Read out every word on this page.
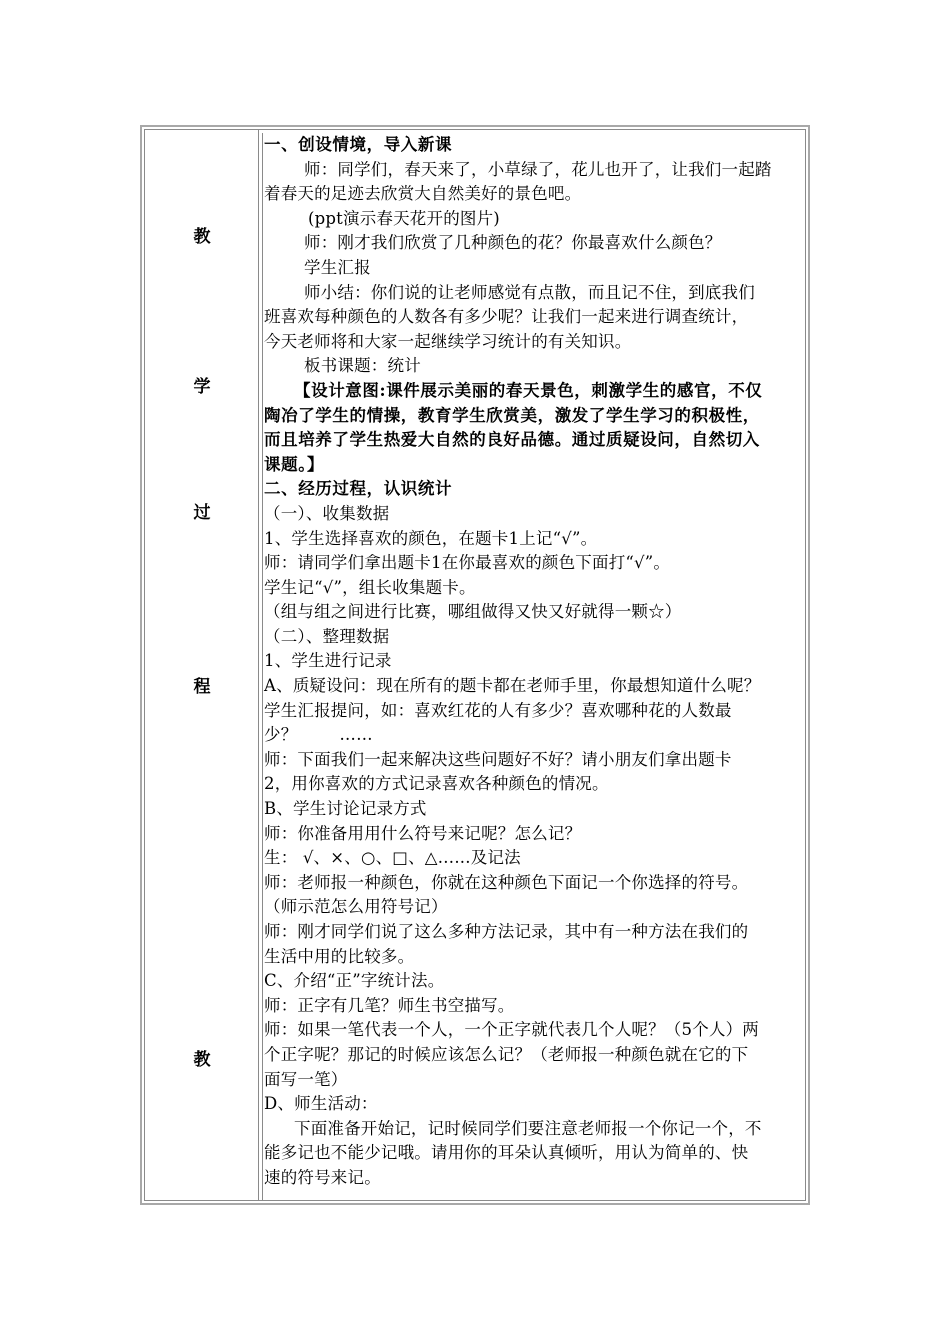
教
学
过
程
教
一、创设情境，导入新课
师：同学们，春天来了，小草绿了，花儿也开了，让我们一起踏
着春天的足迹去欣赏大自然美好的景色吧。
(ppt演示春天花开的图片)
师：刚才我们欣赏了几种颜色的花？你最喜欢什么颜色？
学生汇报
师小结：你们说的让老师感觉有点散，而且记不住，到底我们
班喜欢每种颜色的人数各有多少呢？让我们一起来进行调查统计，
今天老师将和大家一起继续学习统计的有关知识。
板书课题：统计
【设计意图:课件展示美丽的春天景色，刺激学生的感官，不仅
陶冶了学生的情操，教育学生欣赏美，激发了学生学习的积极性，
而且培养了学生热爱大自然的良好品德。通过质疑设问，自然切入
课题。】
二、经历过程，认识统计
（一）、收集数据
1、学生选择喜欢的颜色，在题卡1上记“√”。
师：请同学们拿出题卡1在你最喜欢的颜色下面打“√”。
学生记“√”，组长收集题卡。
（组与组之间进行比赛，哪组做得又快又好就得一颗☆）
（二）、整理数据
1、学生进行记录
A、质疑设问：现在所有的题卡都在老师手里，你最想知道什么呢？
学生汇报提问，如：喜欢红花的人有多少？喜欢哪种花的人数最
少？	……
师：下面我们一起来解决这些问题好不好？请小朋友们拿出题卡
2，用你喜欢的方式记录喜欢各种颜色的情况。
B、学生讨论记录方式
师：你准备用用什么符号来记呢？怎么记？
生： √、×、○、□、△…...及记法
师：老师报一种颜色，你就在这种颜色下面记一个你选择的符号。
（师示范怎么用符号记）
师：刚才同学们说了这么多种方法记录，其中有一种方法在我们的
生活中用的比较多。
C、介绍“正”字统计法。
师：正字有几笔？师生书空描写。
师：如果一笔代表一个人，一个正字就代表几个人呢？（5个人）两
个正字呢？那记的时候应该怎么记？（老师报一种颜色就在它的下
面写一笔）
D、师生活动：
下面准备开始记，记时候同学们要注意老师报一个你记一个，不
能多记也不能少记哦。请用你的耳朵认真倾听，用认为简单的、快
速的符号来记。
